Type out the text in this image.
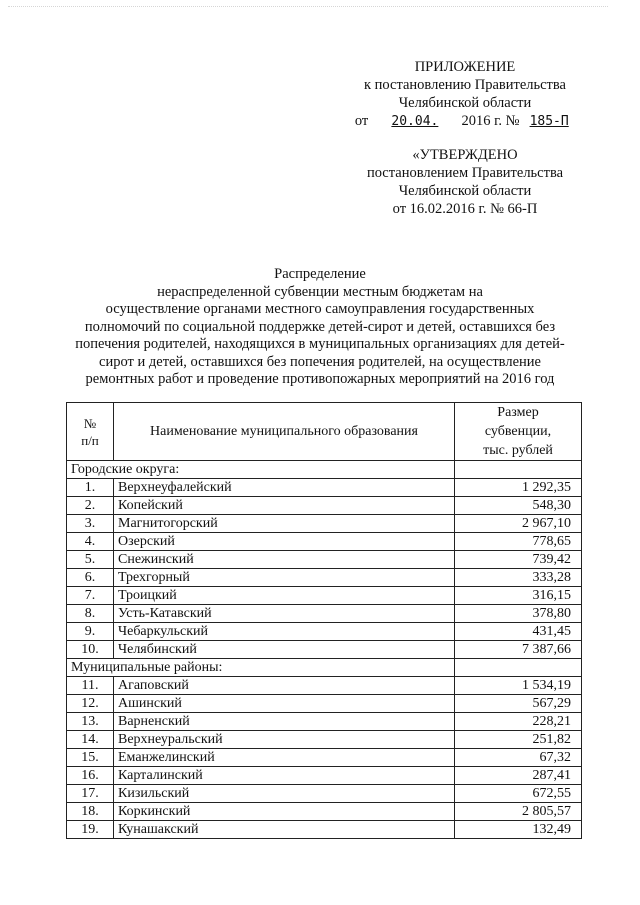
ПРИЛОЖЕНИЕ
к постановлению Правительства
Челябинской области
от 20.04. 2016 г. № 185-П
«УТВЕРЖДЕНО
постановлением Правительства
Челябинской области
от 16.02.2016 г. № 66-П
Распределение
нераспределенной субвенции местным бюджетам на
осуществление органами местного самоуправления государственных
полномочий по социальной поддержке детей-сирот и детей, оставшихся без
попечения родителей, находящихся в муниципальных организациях для детей-
сирот и детей, оставшихся без попечения родителей, на осуществление
ремонтных работ и проведение противопожарных мероприятий на 2016 год
№
п/п	Наименование муниципального образования	Размер
субвенции,
тыс. рублей
Городские округа:		
1.	Верхнеуфалейский	1 292,35
2.	Копейский	548,30
3.	Магнитогорский	2 967,10
4.	Озерский	778,65
5.	Снежинский	739,42
6.	Трехгорный	333,28
7.	Троицкий	316,15
8.	Усть-Катавский	378,80
9.	Чебаркульский	431,45
10.	Челябинский	7 387,66
Муниципальные районы:		
11.	Агаповский	1 534,19
12.	Ашинский	567,29
13.	Варненский	228,21
14.	Верхнеуральский	251,82
15.	Еманжелинский	67,32
16.	Карталинский	287,41
17.	Кизильский	672,55
18.	Коркинский	2 805,57
19.	Кунашакский	132,49
